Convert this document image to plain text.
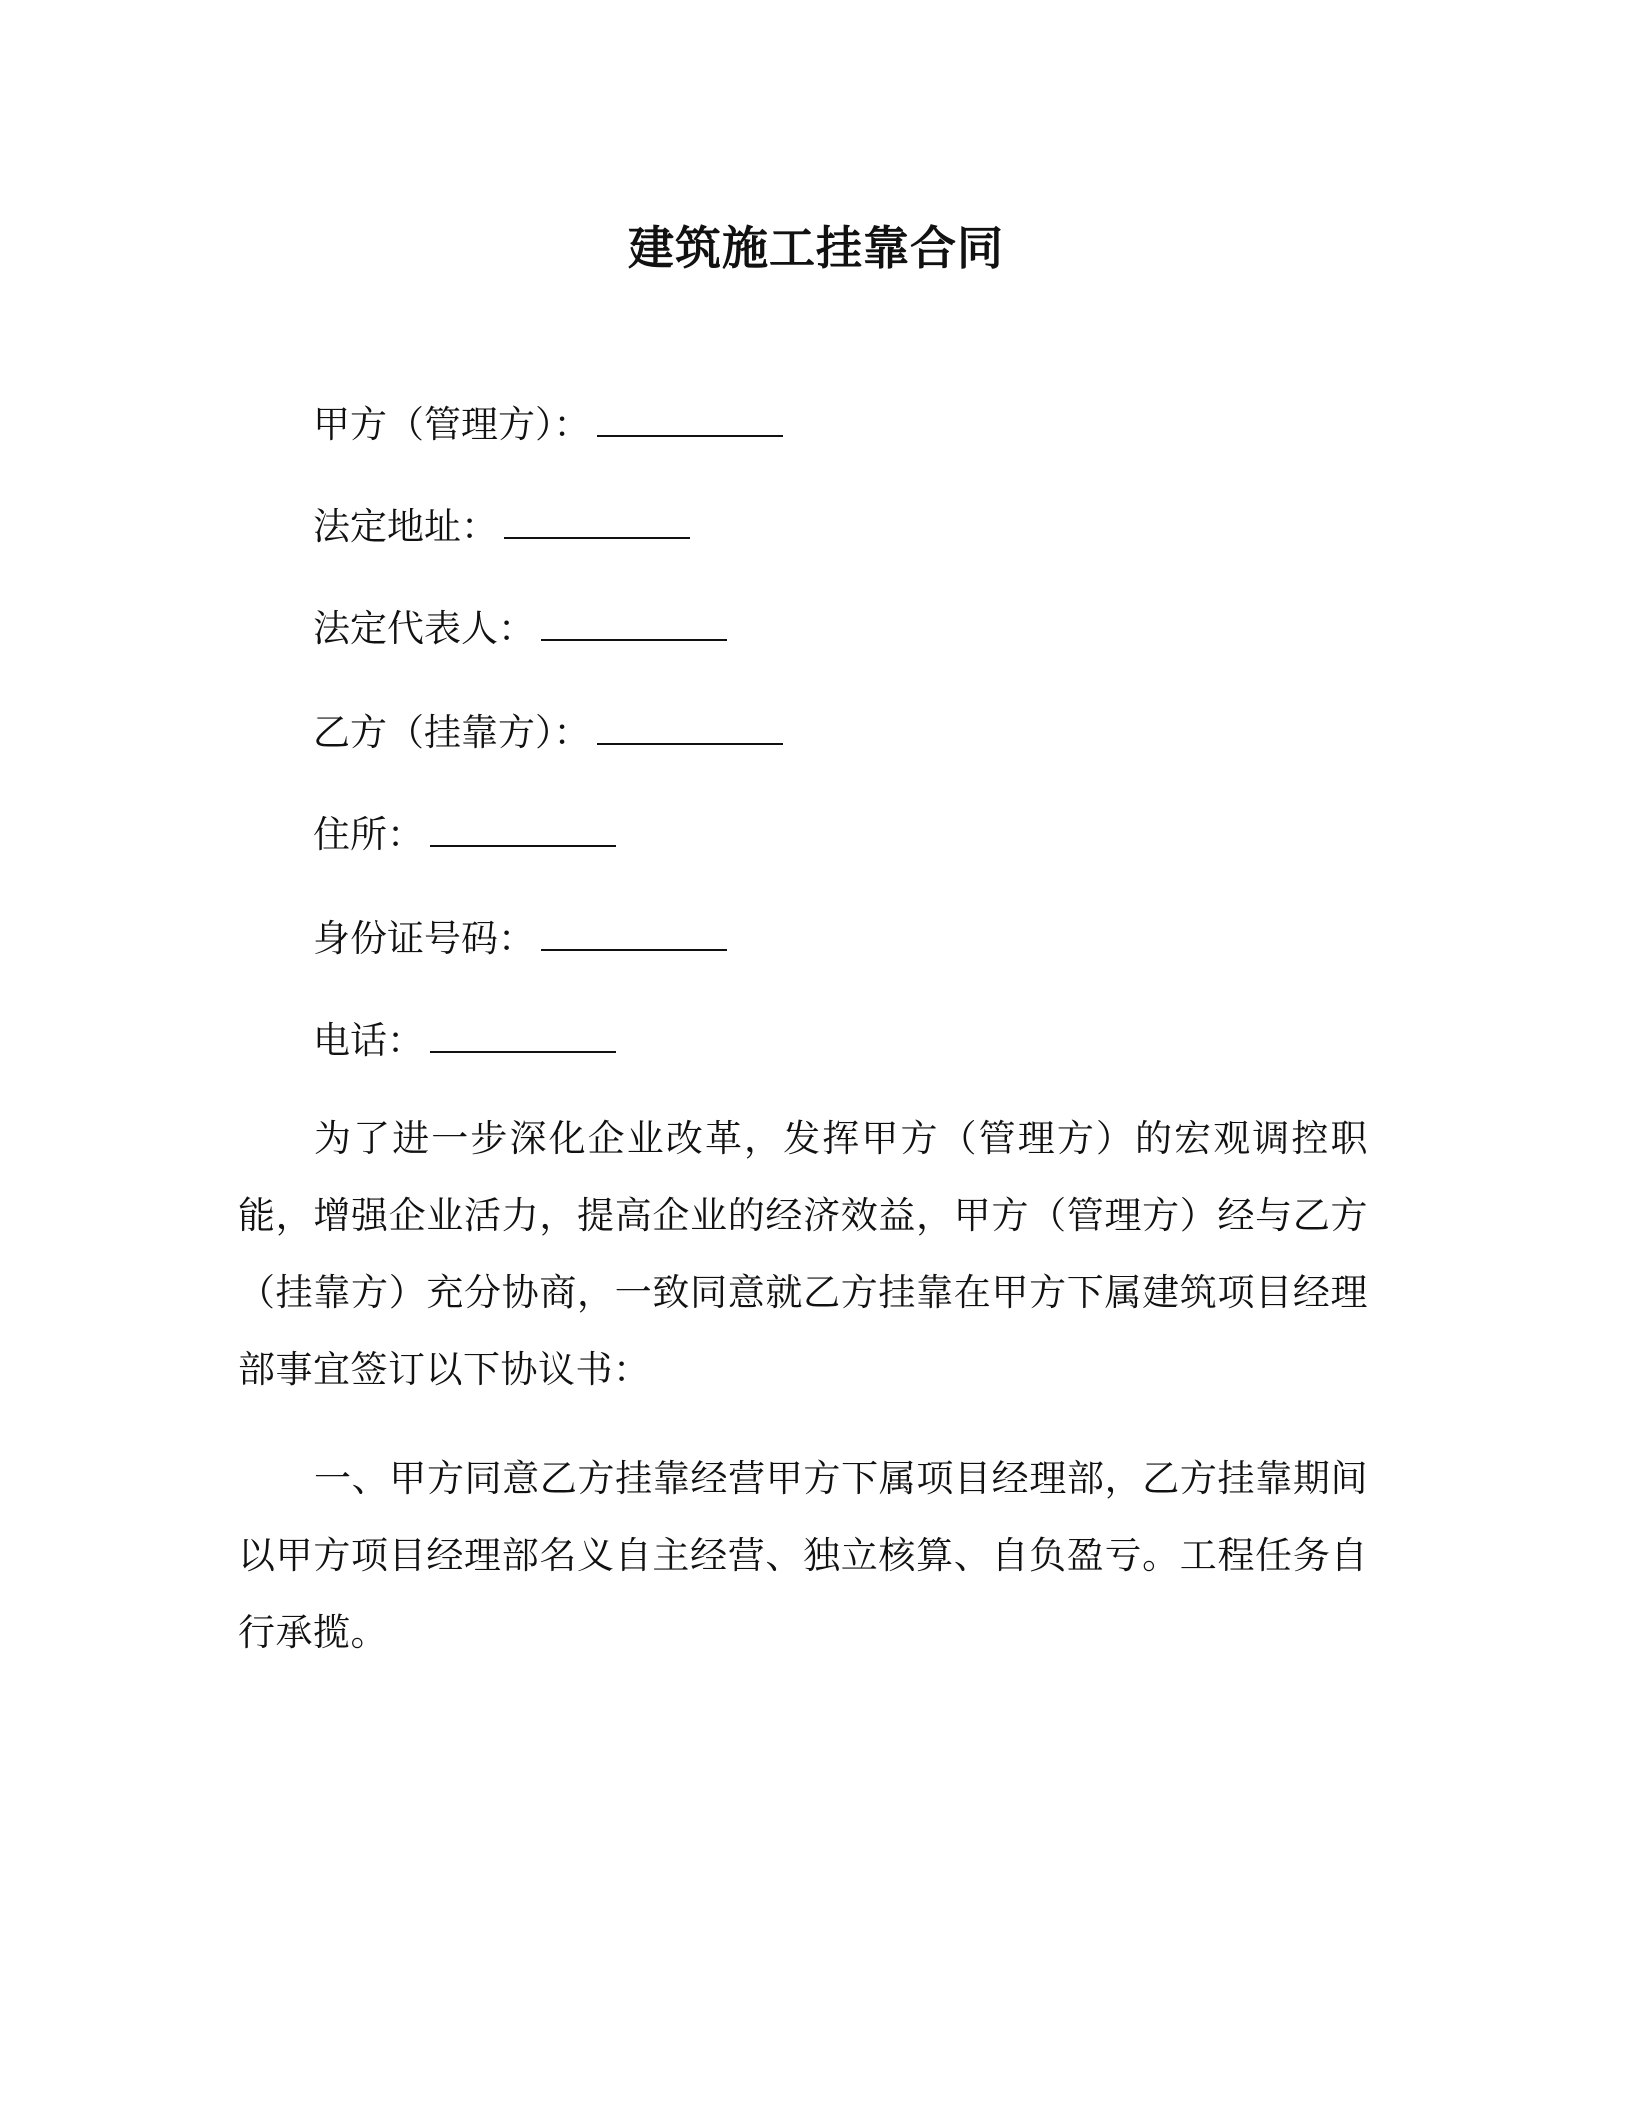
建筑施工挂靠合同
甲方（管理方）：
法定地址：
法定代表人：
乙方（挂靠方）：
住所：
身份证号码：
电话：

为了进一步深化企业改革，发挥甲方（管理方）的宏观调控职能，增强企业活力，提高企业的经济效益，甲方（管理方）经与乙方（挂靠方）充分协商，一致同意就乙方挂靠在甲方下属建筑项目经理部事宜签订以下协议书：

一、甲方同意乙方挂靠经营甲方下属项目经理部，乙方挂靠期间以甲方项目经理部名义自主经营、独立核算、自负盈亏。工程任务自行承揽。
